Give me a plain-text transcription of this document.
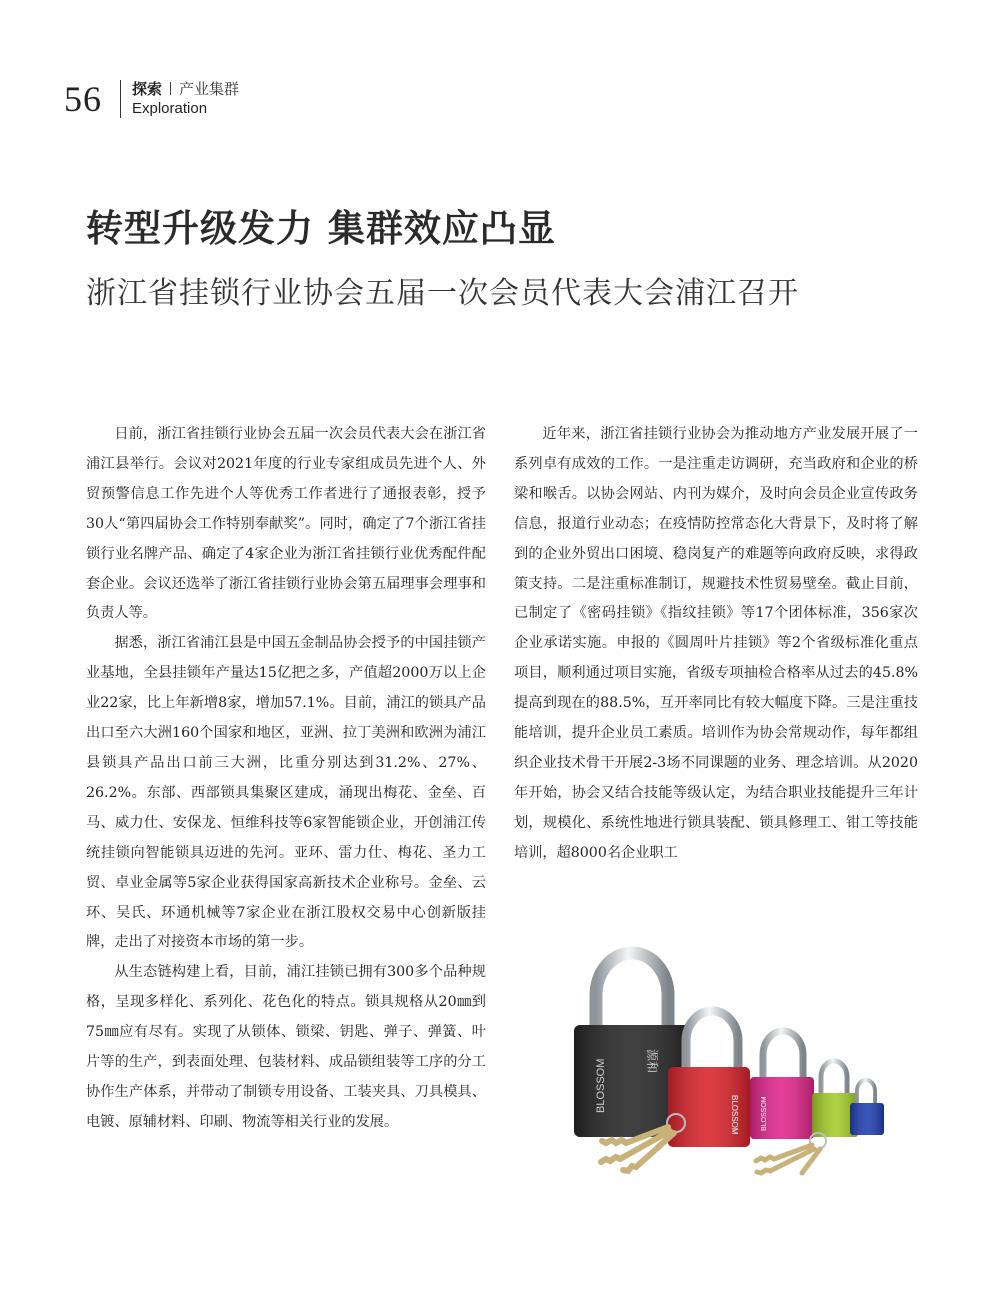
56 探索 产业集群
Exploration
转型升级发力 集群效应凸显
浙江省挂锁行业协会五届一次会员代表大会浦江召开

日前，浙江省挂锁行业协会五届一次会员代表大会在浙江省浦江县举行。会议对2021年度的行业专家组成员先进个人、外贸预警信息工作先进个人等优秀工作者进行了通报表彰，授予30人“第四届协会工作特别奉献奖”。同时，确定了7个浙江省挂锁行业名牌产品、确定了4家企业为浙江省挂锁行业优秀配件配套企业。会议还选举了浙江省挂锁行业协会第五届理事会理事和负责人等。

据悉，浙江省浦江县是中国五金制品协会授予的中国挂锁产业基地，全县挂锁年产量达15亿把之多，产值超2000万以上企业22家，比上年新增8家，增加57.1%。目前，浦江的锁具产品出口至六大洲160个国家和地区，亚洲、拉丁美洲和欧洲为浦江县锁具产品出口前三大洲，比重分别达到31.2%、27%、26.2%。东部、西部锁具集聚区建成，涌现出梅花、金垒、百马、威力仕、安保龙、恒维科技等6家智能锁企业，开创浦江传统挂锁向智能锁具迈进的先河。亚环、雷力仕、梅花、圣力工贸、卓业金属等5家企业获得国家高新技术企业称号。金垒、云环、吴氏、环通机械等7家企业在浙江股权交易中心创新版挂牌，走出了对接资本市场的第一步。

从生态链构建上看，目前，浦江挂锁已拥有300多个品种规格，呈现多样化、系列化、花色化的特点。锁具规格从20㎜到75㎜应有尽有。实现了从锁体、锁梁、钥匙、弹子、弹簧、叶片等的生产，到表面处理、包装材料、成品锁组装等工序的分工协作生产体系，并带动了制锁专用设备、工装夹具、刀具模具、电镀、原辅材料、印刷、物流等相关行业的发展。

近年来，浙江省挂锁行业协会为推动地方产业发展开展了一系列卓有成效的工作。一是注重走访调研，充当政府和企业的桥梁和喉舌。以协会网站、内刊为媒介，及时向会员企业宣传政务信息，报道行业动态；在疫情防控常态化大背景下，及时将了解到的企业外贸出口困境、稳岗复产的难题等向政府反映，求得政策支持。二是注重标准制订，规避技术性贸易壁垒。截止目前，已制定了《密码挂锁》《指纹挂锁》等17个团体标准，356家次企业承诺实施。申报的《圆周叶片挂锁》等2个省级标准化重点项目，顺利通过项目实施，省级专项抽检合格率从过去的45.8%提高到现在的88.5%，互开率同比有较大幅度下降。三是注重技能培训，提升企业员工素质。培训作为协会常规动作，每年都组织企业技术骨干开展2-3场不同课题的业务、理念培训。从2020年开始，协会又结合技能等级认定，为结合职业技能提升三年计划，规模化、系统性地进行锁具装配、锁具修理工、钳工等技能培训，超8000名企业职工

BLOSSOM	源和
BLOSSOM	BLOSSOM
